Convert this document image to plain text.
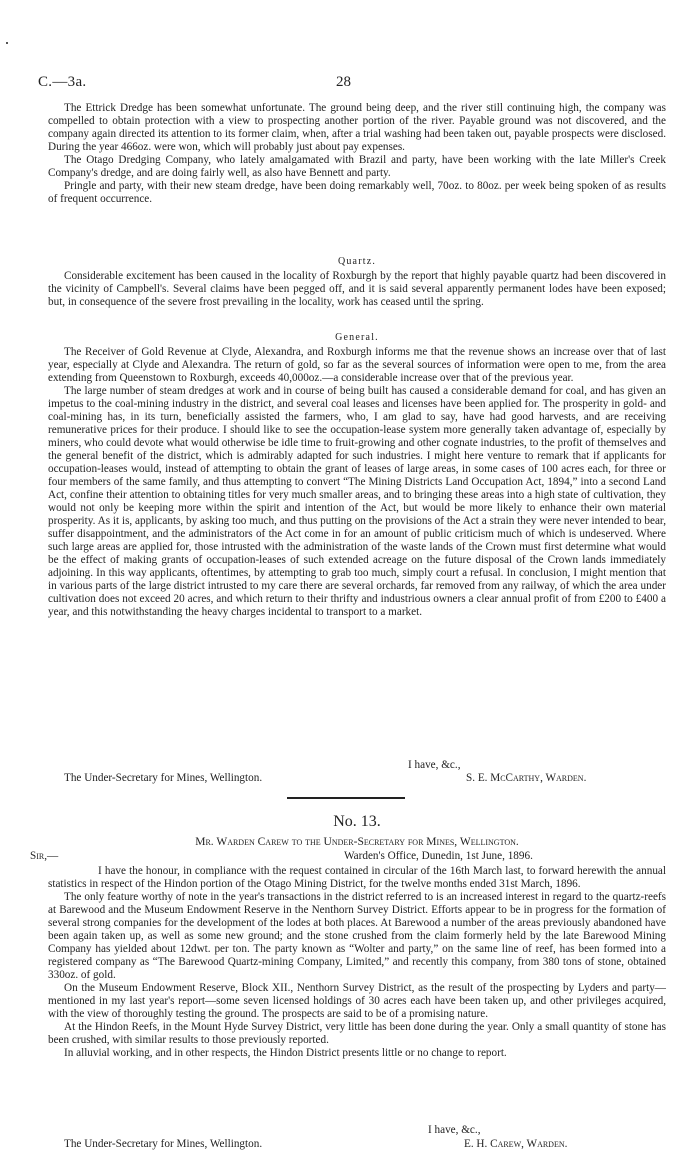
C.—3a.	28

The Ettrick Dredge has been somewhat unfortunate. The ground being deep, and the river still continuing high, the company was compelled to obtain protection with a view to prospecting another portion of the river. Payable ground was not discovered, and the company again directed its attention to its former claim, when, after a trial washing had been taken out, payable prospects were disclosed. During the year 466oz. were won, which will probably just about pay expenses.

The Otago Dredging Company, who lately amalgamated with Brazil and party, have been working with the late Miller's Creek Company's dredge, and are doing fairly well, as also have Bennett and party.

Pringle and party, with their new steam dredge, have been doing remarkably well, 70oz. to 80oz. per week being spoken of as results of frequent occurrence.

Quartz.

Considerable excitement has been caused in the locality of Roxburgh by the report that highly payable quartz had been discovered in the vicinity of Campbell's. Several claims have been pegged off, and it is said several apparently permanent lodes have been exposed; but, in consequence of the severe frost prevailing in the locality, work has ceased until the spring.

General.

The Receiver of Gold Revenue at Clyde, Alexandra, and Roxburgh informs me that the revenue shows an increase over that of last year, especially at Clyde and Alexandra. The return of gold, so far as the several sources of information were open to me, from the area extending from Queenstown to Roxburgh, exceeds 40,000oz.—a considerable increase over that of the previous year.

The large number of steam dredges at work and in course of being built has caused a considerable demand for coal, and has given an impetus to the coal-mining industry in the district, and several coal leases and licenses have been applied for. The prosperity in gold- and coal-mining has, in its turn, beneficially assisted the farmers, who, I am glad to say, have had good harvests, and are receiving remunerative prices for their produce. I should like to see the occupation-lease system more generally taken advantage of, especially by miners, who could devote what would otherwise be idle time to fruit-growing and other cognate industries, to the profit of themselves and the general benefit of the district, which is admirably adapted for such industries. I might here venture to remark that if applicants for occupation-leases would, instead of attempting to obtain the grant of leases of large areas, in some cases of 100 acres each, for three or four members of the same family, and thus attempting to convert “The Mining Districts Land Occupation Act, 1894,” into a second Land Act, confine their attention to obtaining titles for very much smaller areas, and to bringing these areas into a high state of cultivation, they would not only be keeping more within the spirit and intention of the Act, but would be more likely to enhance their own material prosperity. As it is, applicants, by asking too much, and thus putting on the provisions of the Act a strain they were never intended to bear, suffer disappointment, and the administrators of the Act come in for an amount of public criticism much of which is undeserved. Where such large areas are applied for, those intrusted with the administration of the waste lands of the Crown must first determine what would be the effect of making grants of occupation-leases of such extended acreage on the future disposal of the Crown lands immediately adjoining. In this way applicants, oftentimes, by attempting to grab too much, simply court a refusal. In conclusion, I might mention that in various parts of the large district intrusted to my care there are several orchards, far removed from any railway, of which the area under cultivation does not exceed 20 acres, and which return to their thrifty and industrious owners a clear annual profit of from £200 to £400 a year, and this notwithstanding the heavy charges incidental to transport to a market.

I have, &c.,
The Under-Secretary for Mines, Wellington.	S. E. McCarthy, Warden.
No. 13.
Mr. Warden Carew to the Under-Secretary for Mines, Wellington.
Sir,—	Warden's Office, Dunedin, 1st June, 1896.

I have the honour, in compliance with the request contained in circular of the 16th March last, to forward herewith the annual statistics in respect of the Hindon portion of the Otago Mining District, for the twelve months ended 31st March, 1896.

The only feature worthy of note in the year's transactions in the district referred to is an increased interest in regard to the quartz-reefs at Barewood and the Museum Endowment Reserve in the Nenthorn Survey District. Efforts appear to be in progress for the formation of several strong companies for the development of the lodes at both places. At Barewood a number of the areas previously abandoned have been again taken up, as well as some new ground; and the stone crushed from the claim formerly held by the late Barewood Mining Company has yielded about 12dwt. per ton. The party known as “Wolter and party,” on the same line of reef, has been formed into a registered company as “The Barewood Quartz-mining Company, Limited,” and recently this company, from 380 tons of stone, obtained 330oz. of gold.

On the Museum Endowment Reserve, Block XII., Nenthorn Survey District, as the result of the prospecting by Lyders and party—mentioned in my last year's report—some seven licensed holdings of 30 acres each have been taken up, and other privileges acquired, with the view of thoroughly testing the ground. The prospects are said to be of a promising nature.

At the Hindon Reefs, in the Mount Hyde Survey District, very little has been done during the year. Only a small quantity of stone has been crushed, with similar results to those previously reported.

In alluvial working, and in other respects, the Hindon District presents little or no change to report.

I have, &c.,
The Under-Secretary for Mines, Wellington.	E. H. Carew, Warden.
